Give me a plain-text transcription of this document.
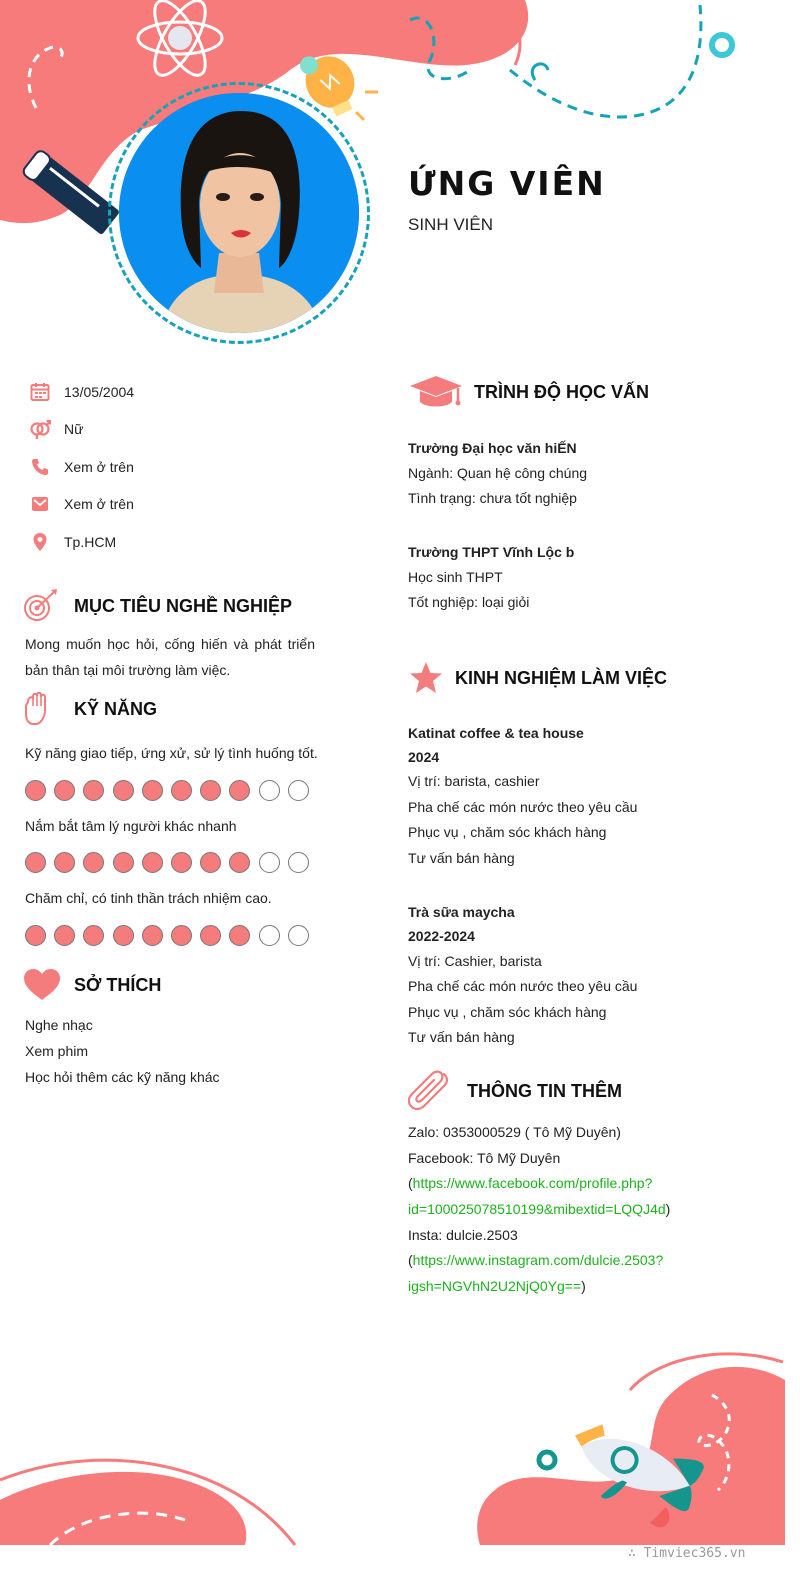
ỨNG VIÊN
SINH VIÊN
13/05/2004
Nữ
Xem ở trên
Xem ở trên
Tp.HCM
MỤC TIÊU NGHỀ NGHIỆP
Mong muốn học hỏi, cống hiến và phát triển
bản thân tại môi trường làm việc.
KỸ NĂNG
Kỹ năng giao tiếp, ứng xử, sử lý tình huống tốt.
Nắm bắt tâm lý người khác nhanh
Chăm chỉ, có tinh thần trách nhiệm cao.
SỞ THÍCH
Nghe nhạc
Xem phim
Học hỏi thêm các kỹ năng khác
TRÌNH ĐỘ HỌC VẤN
Trường Đại học văn hiẾN
Ngành: Quan hệ công chúng
Tình trạng: chưa tốt nghiệp
Trường THPT Vĩnh Lộc b
Học sinh THPT
Tốt nghiệp: loại giỏi
KINH NGHIỆM LÀM VIỆC
Katinat coffee & tea house
2024
Vị trí: barista, cashier
Pha chế các món nước theo yêu cầu
Phục vụ , chăm sóc khách hàng
Tư vấn bán hàng
Trà sữa maycha
2022-2024
Vị trí: Cashier, barista
Pha chế các món nước theo yêu cầu
Phục vụ , chăm sóc khách hàng
Tư vấn bán hàng
THÔNG TIN THÊM
Zalo: 0353000529 ( Tô Mỹ Duyên)
Facebook: Tô Mỹ Duyên
(https://www.facebook.com/profile.php?
id=100025078510199&mibextid=LQQJ4d)
Insta: dulcie.2503
(https://www.instagram.com/dulcie.2503?
igsh=NGVhN2U2NjQ0Yg==)
∴ Timviec365.vn
